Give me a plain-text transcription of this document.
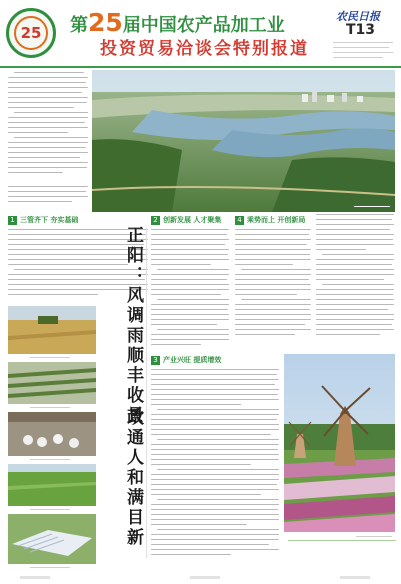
25	第25届中国农产品加工业
投资贸易洽谈会特别报道
农民日报
T13
1 三管齐下 夯实基础
正阳：风调雨顺丰收景
政通人和满目新
2 创新发展 人才聚集
3 产业兴旺 提质增效
4 乘势而上 开创新局
